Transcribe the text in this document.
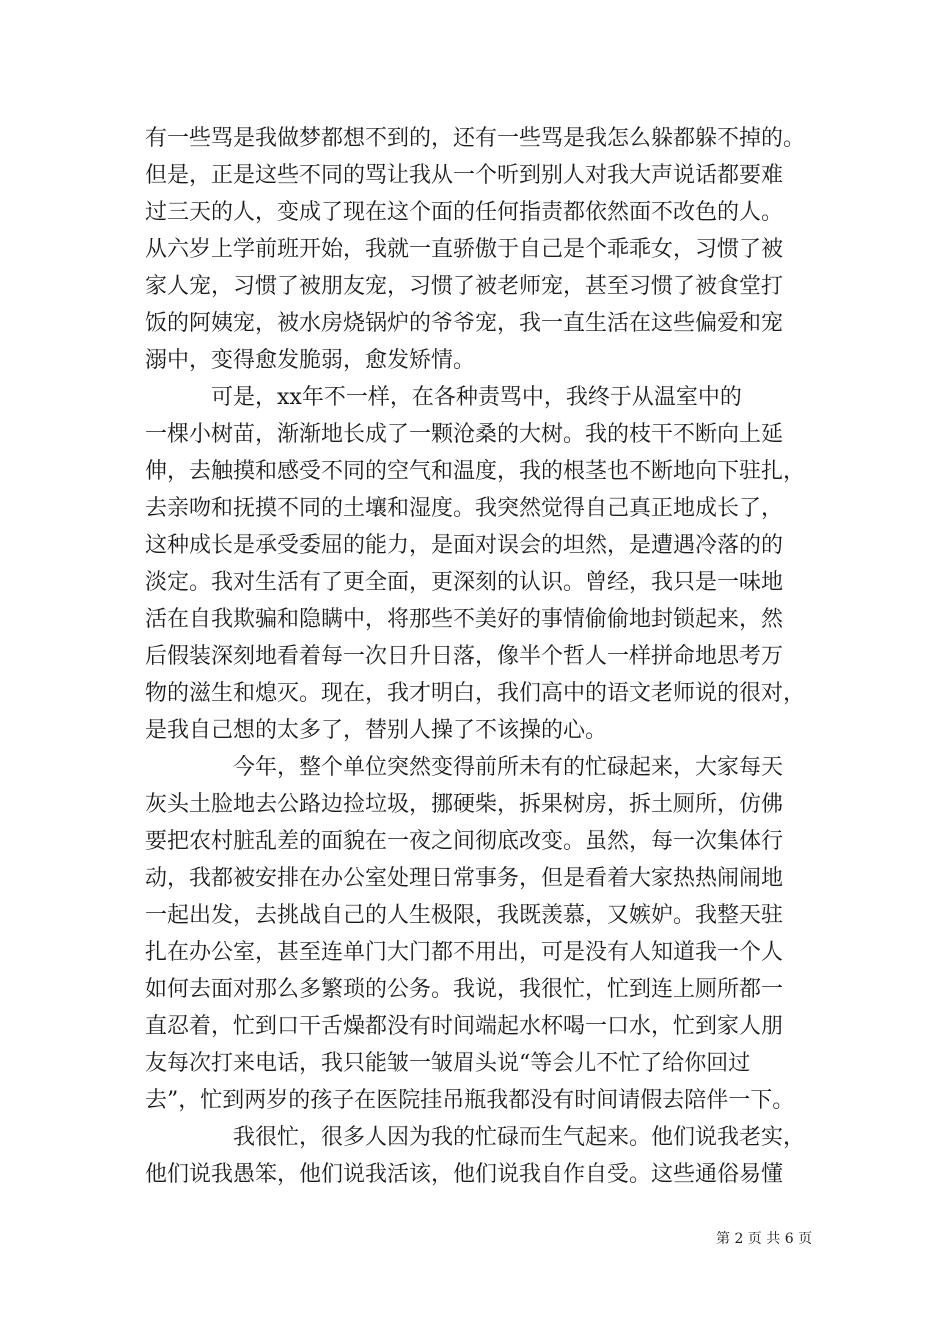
有一些骂是我做梦都想不到的，还有一些骂是我怎么躲都躲不掉的。
但是，正是这些不同的骂让我从一个听到别人对我大声说话都要难
过三天的人，变成了现在这个面的任何指责都依然面不改色的人。
从六岁上学前班开始，我就一直骄傲于自己是个乖乖女，习惯了被
家人宠，习惯了被朋友宠，习惯了被老师宠，甚至习惯了被食堂打
饭的阿姨宠，被水房烧锅炉的爷爷宠，我一直生活在这些偏爱和宠
溺中，变得愈发脆弱，愈发矫情。
　　　可是，xx年不一样，在各种责骂中，我终于从温室中的
一棵小树苗，渐渐地长成了一颗沧桑的大树。我的枝干不断向上延
伸，去触摸和感受不同的空气和温度，我的根茎也不断地向下驻扎，
去亲吻和抚摸不同的土壤和湿度。我突然觉得自己真正地成长了，
这种成长是承受委屈的能力，是面对误会的坦然，是遭遇冷落的的
淡定。我对生活有了更全面，更深刻的认识。曾经，我只是一味地
活在自我欺骗和隐瞒中，将那些不美好的事情偷偷地封锁起来，然
后假装深刻地看着每一次日升日落，像半个哲人一样拼命地思考万
物的滋生和熄灭。现在，我才明白，我们高中的语文老师说的很对，
是我自己想的太多了，替别人操了不该操的心。
　　　　今年，整个单位突然变得前所未有的忙碌起来，大家每天
灰头土脸地去公路边捡垃圾，挪硬柴，拆果树房，拆土厕所，仿佛
要把农村脏乱差的面貌在一夜之间彻底改变。虽然，每一次集体行
动，我都被安排在办公室处理日常事务，但是看着大家热热闹闹地
一起出发，去挑战自己的人生极限，我既羡慕，又嫉妒。我整天驻
扎在办公室，甚至连单门大门都不用出，可是没有人知道我一个人
如何去面对那么多繁琐的公务。我说，我很忙，忙到连上厕所都一
直忍着，忙到口干舌燥都没有时间端起水杯喝一口水，忙到家人朋
友每次打来电话，我只能皱一皱眉头说“等会儿不忙了给你回过
去”，忙到两岁的孩子在医院挂吊瓶我都没有时间请假去陪伴一下。
　　　　我很忙，很多人因为我的忙碌而生气起来。他们说我老实，
他们说我愚笨，他们说我活该，他们说我自作自受。这些通俗易懂
第 2 页 共 6 页
